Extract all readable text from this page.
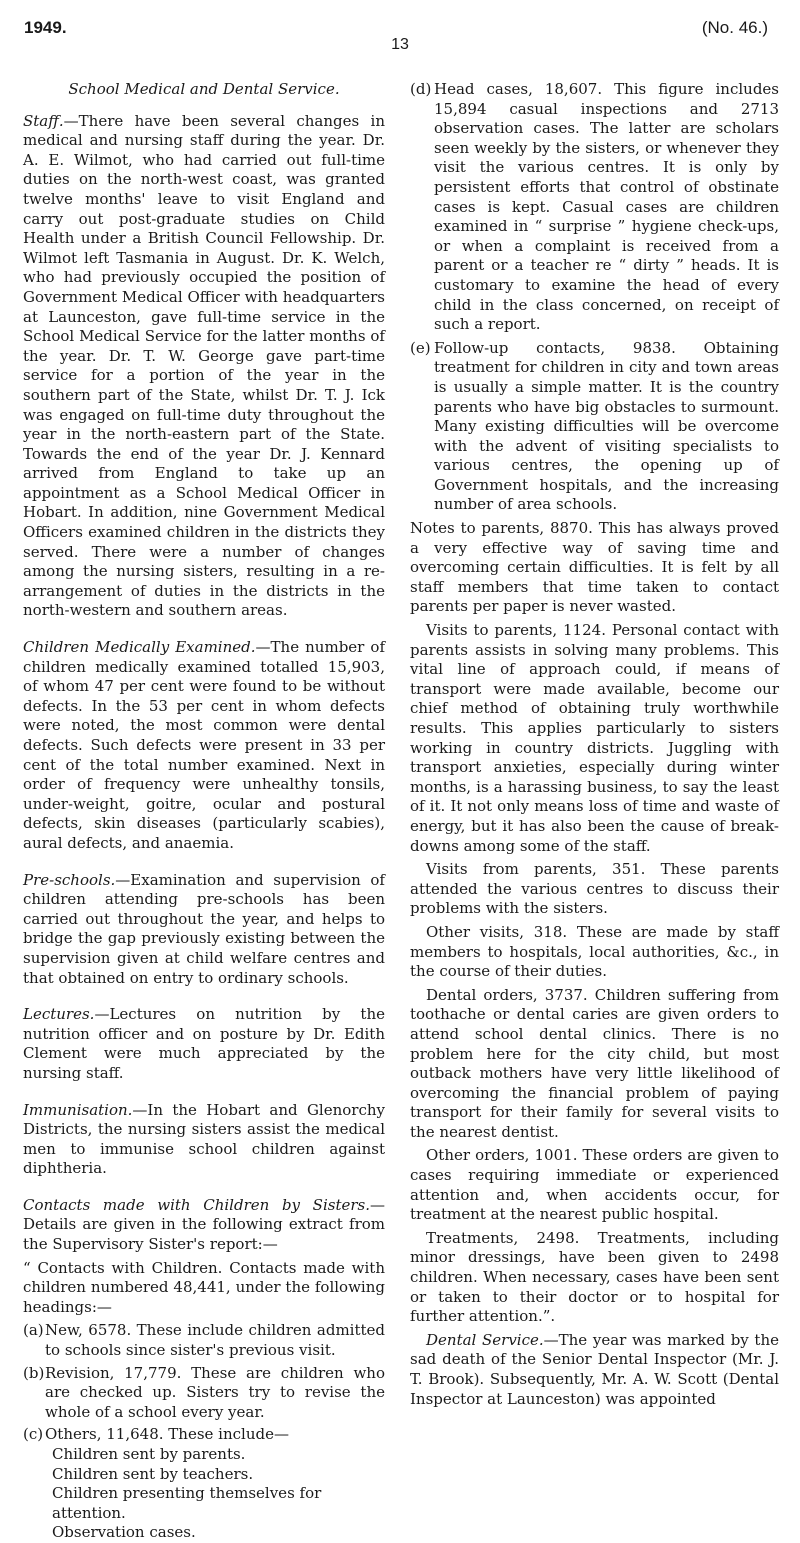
1949.
13
(No. 46.)

School Medical and Dental Service.

Staff.—There have been several changes in medical and nursing staff during the year. Dr. A. E. Wilmot, who had carried out full-time duties on the north-west coast, was granted twelve months' leave to visit England and carry out post-graduate studies on Child Health under a British Council Fellowship. Dr. Wilmot left Tasmania in August. Dr. K. Welch, who had previously occupied the position of Government Medical Officer with headquarters at Launceston, gave full-time service in the School Medical Service for the latter months of the year. Dr. T. W. George gave part-time service for a portion of the year in the southern part of the State, whilst Dr. T. J. Ick was engaged on full-time duty throughout the year in the north-eastern part of the State. Towards the end of the year Dr. J. Kennard arrived from England to take up an appointment as a School Medical Officer in Hobart. In addition, nine Government Medical Officers examined children in the districts they served. There were a number of changes among the nursing sisters, resulting in a re-arrangement of duties in the districts in the north-western and southern areas.

Children Medically Examined.—The number of children medically examined totalled 15,903, of whom 47 per cent were found to be without defects. In the 53 per cent in whom defects were noted, the most common were dental defects. Such defects were present in 33 per cent of the total number examined. Next in order of frequency were unhealthy tonsils, under-weight, goitre, ocular and postural defects, skin diseases (particularly scabies), aural defects, and anaemia.

Pre-schools.—Examination and supervision of children attending pre-schools has been carried out throughout the year, and helps to bridge the gap previously existing between the supervision given at child welfare centres and that obtained on entry to ordinary schools.

Lectures.—Lectures on nutrition by the nutrition officer and on posture by Dr. Edith Clement were much appreciated by the nursing staff.

Immunisation.—In the Hobart and Glenorchy Districts, the nursing sisters assist the medical men to immunise school children against diphtheria.

Contacts made with Children by Sisters.— Details are given in the following extract from the Supervisory Sister's report:—

“ Contacts with Children. Contacts made with children numbered 48,441, under the following headings:—

(a) New, 6578. These include children admitted to schools since sister's previous visit.
(b) Revision, 17,779. These are children who are checked up. Sisters try to revise the whole of a school every year.
(c) Others, 11,648. These include—
Children sent by parents.
Children sent by teachers.
Children presenting themselves for attention.
Observation cases.
(d) Head cases, 18,607. This figure includes 15,894 casual inspections and 2713 observation cases. The latter are scholars seen weekly by the sisters, or whenever they visit the various centres. It is only by persistent efforts that control of obstinate cases is kept. Casual cases are children examined in “ surprise ” hygiene check-ups, or when a complaint is received from a parent or a teacher re “ dirty ” heads. It is customary to examine the head of every child in the class concerned, on receipt of such a report.
(e) Follow-up contacts, 9838. Obtaining treatment for children in city and town areas is usually a simple matter. It is the country parents who have big obstacles to surmount. Many existing difficulties will be overcome with the advent of visiting specialists to various centres, the opening up of Government hospitals, and the increasing number of area schools.

Notes to parents, 8870. This has always proved a very effective way of saving time and overcoming certain difficulties. It is felt by all staff members that time taken to contact parents per paper is never wasted.

Visits to parents, 1124. Personal contact with parents assists in solving many problems. This vital line of approach could, if means of transport were made available, become our chief method of obtaining truly worthwhile results. This applies particularly to sisters working in country districts. Juggling with transport anxieties, especially during winter months, is a harassing business, to say the least of it. It not only means loss of time and waste of energy, but it has also been the cause of break-downs among some of the staff.

Visits from parents, 351. These parents attended the various centres to discuss their problems with the sisters.

Other visits, 318. These are made by staff members to hospitals, local authorities, &c., in the course of their duties.

Dental orders, 3737. Children suffering from toothache or dental caries are given orders to attend school dental clinics. There is no problem here for the city child, but most outback mothers have very little likelihood of overcoming the financial problem of paying transport for their family for several visits to the nearest dentist.

Other orders, 1001. These orders are given to cases requiring immediate or experienced attention and, when accidents occur, for treatment at the nearest public hospital.

Treatments, 2498. Treatments, including minor dressings, have been given to 2498 children. When necessary, cases have been sent or taken to their doctor or to hospital for further attention.”.

Dental Service.—The year was marked by the sad death of the Senior Dental Inspector (Mr. J. T. Brook). Subsequently, Mr. A. W. Scott (Dental Inspector at Launceston) was appointed
